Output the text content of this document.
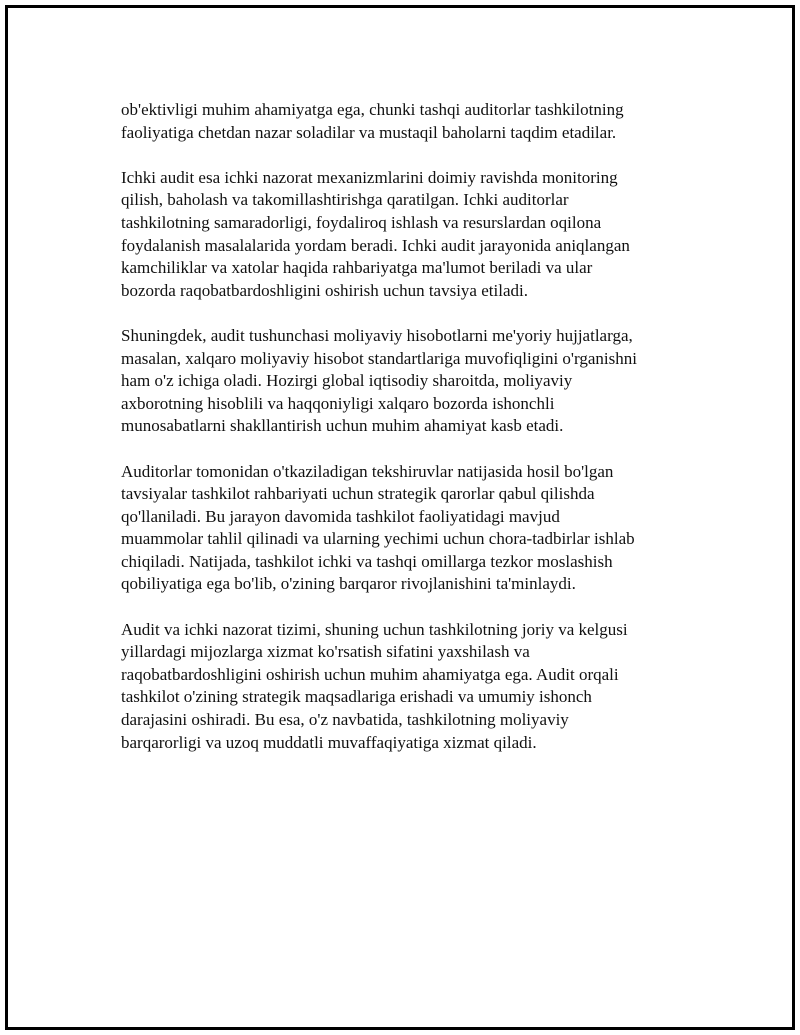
ob'ektivligi muhim ahamiyatga ega, chunki tashqi auditorlar tashkilotning
faoliyatiga chetdan nazar soladilar va mustaqil baholarni taqdim etadilar.

Ichki audit esa ichki nazorat mexanizmlarini doimiy ravishda monitoring
qilish, baholash va takomillashtirishga qaratilgan. Ichki auditorlar
tashkilotning samaradorligi, foydaliroq ishlash va resurslardan oqilona
foydalanish masalalarida yordam beradi. Ichki audit jarayonida aniqlangan
kamchiliklar va xatolar haqida rahbariyatga ma'lumot beriladi va ular
bozorda raqobatbardoshligini oshirish uchun tavsiya etiladi.

Shuningdek, audit tushunchasi moliyaviy hisobotlarni me'yoriy hujjatlarga,
masalan, xalqaro moliyaviy hisobot standartlariga muvofiqligini o'rganishni
ham o'z ichiga oladi. Hozirgi global iqtisodiy sharoitda, moliyaviy
axborotning hisoblili va haqqoniyligi xalqaro bozorda ishonchli
munosabatlarni shakllantirish uchun muhim ahamiyat kasb etadi.

Auditorlar tomonidan o'tkaziladigan tekshiruvlar natijasida hosil bo'lgan
tavsiyalar tashkilot rahbariyati uchun strategik qarorlar qabul qilishda
qo'llaniladi. Bu jarayon davomida tashkilot faoliyatidagi mavjud
muammolar tahlil qilinadi va ularning yechimi uchun chora-tadbirlar ishlab
chiqiladi. Natijada, tashkilot ichki va tashqi omillarga tezkor moslashish
qobiliyatiga ega bo'lib, o'zining barqaror rivojlanishini ta'minlaydi.

Audit va ichki nazorat tizimi, shuning uchun tashkilotning joriy va kelgusi
yillardagi mijozlarga xizmat ko'rsatish sifatini yaxshilash va
raqobatbardoshligini oshirish uchun muhim ahamiyatga ega. Audit orqali
tashkilot o'zining strategik maqsadlariga erishadi va umumiy ishonch
darajasini oshiradi. Bu esa, o'z navbatida, tashkilotning moliyaviy
barqarorligi va uzoq muddatli muvaffaqiyatiga xizmat qiladi.
